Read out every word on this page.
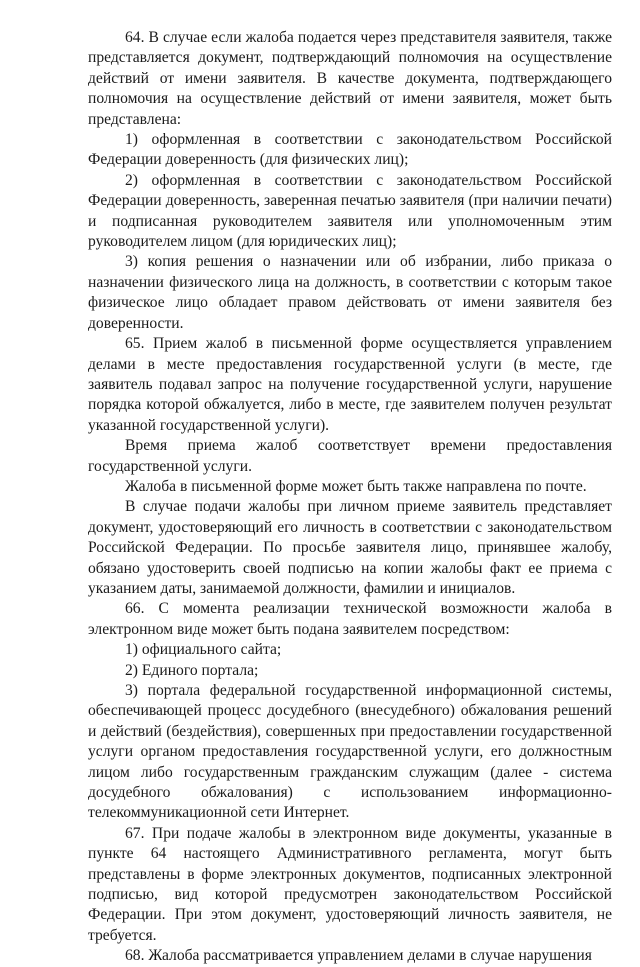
64. В случае если жалоба подается через представителя заявителя, также представляется документ, подтверждающий полномочия на осуществление действий от имени заявителя. В качестве документа, подтверждающего полномочия на осуществление действий от имени заявителя, может быть представлена:

1) оформленная в соответствии с законодательством Российской Федерации доверенность (для физических лиц);

2) оформленная в соответствии с законодательством Российской Федерации доверенность, заверенная печатью заявителя (при наличии печати) и подписанная руководителем заявителя или уполномоченным этим руководителем лицом (для юридических лиц);

3) копия решения о назначении или об избрании, либо приказа о назначении физического лица на должность, в соответствии с которым такое физическое лицо обладает правом действовать от имени заявителя без доверенности.

65. Прием жалоб в письменной форме осуществляется управлением делами в месте предоставления государственной услуги (в месте, где заявитель подавал запрос на получение государственной услуги, нарушение порядка которой обжалуется, либо в месте, где заявителем получен результат указанной государственной услуги).

Время приема жалоб соответствует времени предоставления государственной услуги.

Жалоба в письменной форме может быть также направлена по почте.

В случае подачи жалобы при личном приеме заявитель представляет документ, удостоверяющий его личность в соответствии с законодательством Российской Федерации. По просьбе заявителя лицо, принявшее жалобу, обязано удостоверить своей подписью на копии жалобы факт ее приема с указанием даты, занимаемой должности, фамилии и инициалов.

66. С момента реализации технической возможности жалоба в электронном виде может быть подана заявителем посредством:

1) официального сайта;

2) Единого портала;

3) портала федеральной государственной информационной системы, обеспечивающей процесс досудебного (внесудебного) обжалования решений и действий (бездействия), совершенных при предоставлении государственной услуги органом предоставления государственной услуги, его должностным лицом либо государственным гражданским служащим (далее - система досудебного обжалования) с использованием информационно-телекоммуникационной сети Интернет.

67. При подаче жалобы в электронном виде документы, указанные в пункте 64 настоящего Административного регламента, могут быть представлены в форме электронных документов, подписанных электронной подписью, вид которой предусмотрен законодательством Российской Федерации. При этом документ, удостоверяющий личность заявителя, не требуется.

68. Жалоба рассматривается управлением делами в случае нарушения
